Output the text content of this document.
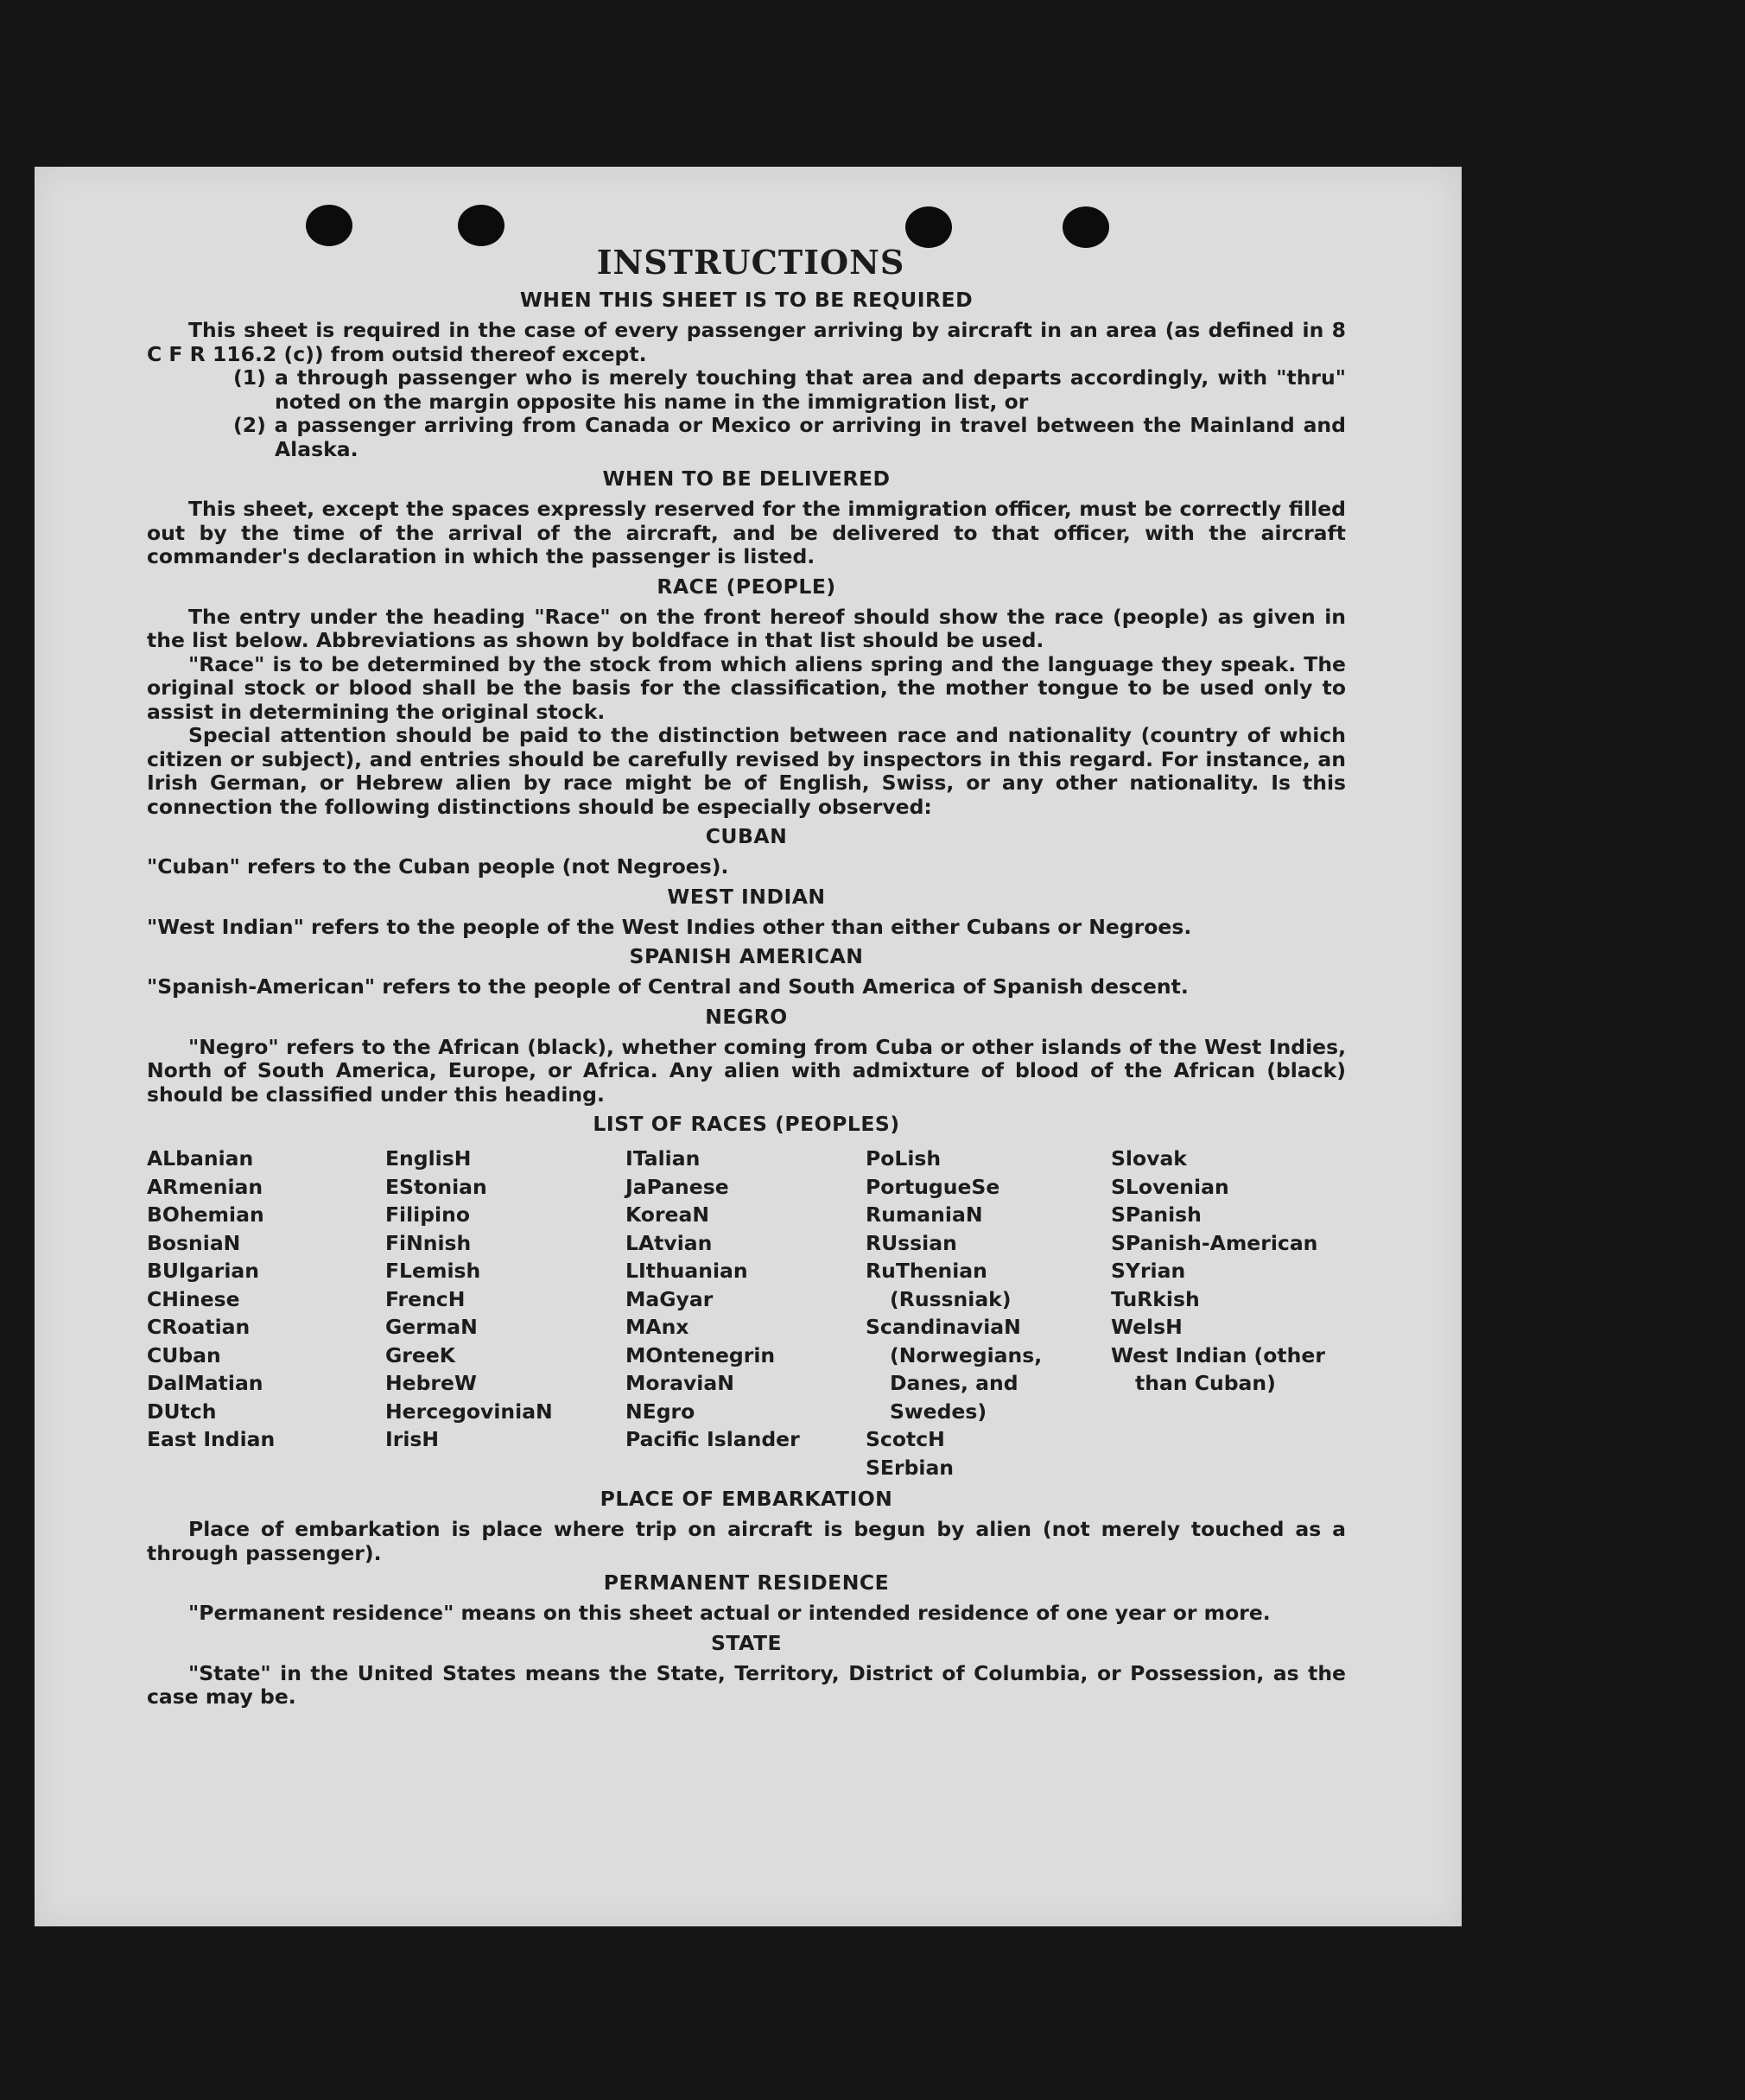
INSTRUCTIONS
WHEN THIS SHEET IS TO BE REQUIRED

This sheet is required in the case of every passenger arriving by aircraft in an area (as defined in 8 C F R 116.2 (c)) from outsid thereof except.

(1) a through passenger who is merely touching that area and departs accordingly, with "thru" noted on the margin opposite his name in the immigration list, or

(2) a passenger arriving from Canada or Mexico or arriving in travel between the Mainland and Alaska.

WHEN TO BE DELIVERED

This sheet, except the spaces expressly reserved for the immigration officer, must be correctly filled out by the time of the arrival of the aircraft, and be delivered to that officer, with the aircraft commander's declaration in which the passenger is listed.

RACE (PEOPLE)

The entry under the heading "Race" on the front hereof should show the race (people) as given in the list below. Abbreviations as shown by boldface in that list should be used.

"Race" is to be determined by the stock from which aliens spring and the language they speak. The original stock or blood shall be the basis for the classification, the mother tongue to be used only to assist in determining the original stock.

Special attention should be paid to the distinction between race and nationality (country of which citizen or subject), and entries should be carefully revised by inspectors in this regard. For instance, an Irish German, or Hebrew alien by race might be of English, Swiss, or any other nationality. Is this connection the following distinctions should be especially observed:

CUBAN

"Cuban" refers to the Cuban people (not Negroes).

WEST INDIAN

"West Indian" refers to the people of the West Indies other than either Cubans or Negroes.

SPANISH AMERICAN

"Spanish-American" refers to the people of Central and South America of Spanish descent.

NEGRO

"Negro" refers to the African (black), whether coming from Cuba or other islands of the West Indies, North of South America, Europe, or Africa. Any alien with admixture of blood of the African (black) should be classified under this heading.

LIST OF RACES (PEOPLES)
ALbanian
ARmenian
BOhemian
BosniaN
BUlgarian
CHinese
CRoatian
CUban
DalMatian
DUtch
East Indian
EnglisH
EStonian
Filipino
FiNnish
FLemish
FrencH
GermaN
GreeK
HebreW
HercegoviniaN
IrisH
ITalian
JaPanese
KoreaN
LAtvian
LIthuanian
MaGyar
MAnx
MOntenegrin
MoraviaN
NEgro
Pacific Islander
PoLish
PortugueSe
RumaniaN
RUssian
RuThenian (Russniak)
ScandinaviaN (Norwegians, Danes, and Swedes)
ScotcH
SErbian
Slovak
SLovenian
SPanish
SPanish-American
SYrian
TuRkish
WelsH
West Indian (other than Cuban)
PLACE OF EMBARKATION

Place of embarkation is place where trip on aircraft is begun by alien (not merely touched as a through passenger).

PERMANENT RESIDENCE

"Permanent residence" means on this sheet actual or intended residence of one year or more.

STATE

"State" in the United States means the State, Territory, District of Columbia, or Possession, as the case may be.
